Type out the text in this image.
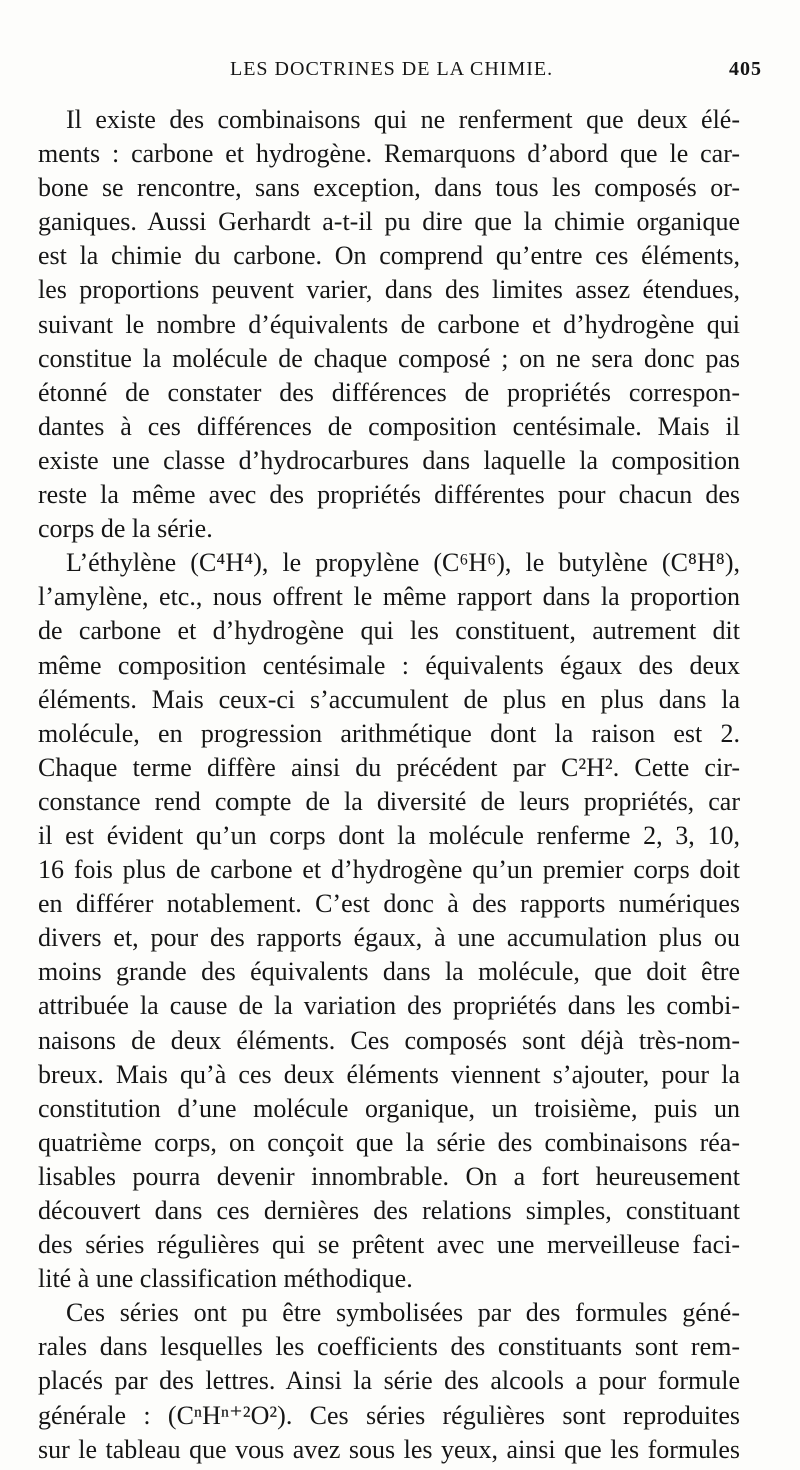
LES DOCTRINES DE LA CHIMIE.	405
Il existe des combinaisons qui ne renferment que deux élé-
ments : carbone et hydrogène. Remarquons d’abord que le car-
bone se rencontre, sans exception, dans tous les composés or-
ganiques. Aussi Gerhardt a-t-il pu dire que la chimie organique
est la chimie du carbone. On comprend qu’entre ces éléments,
les proportions peuvent varier, dans des limites assez étendues,
suivant le nombre d’équivalents de carbone et d’hydrogène qui
constitue la molécule de chaque composé ; on ne sera donc pas
étonné de constater des différences de propriétés correspon-
dantes à ces différences de composition centésimale. Mais il
existe une classe d’hydrocarbures dans laquelle la composition
reste la même avec des propriétés différentes pour chacun des
corps de la série.
L’éthylène (C⁴H⁴), le propylène (C⁶H⁶), le butylène (C⁸H⁸),
l’amylène, etc., nous offrent le même rapport dans la proportion
de carbone et d’hydrogène qui les constituent, autrement dit
même composition centésimale : équivalents égaux des deux
éléments. Mais ceux-ci s’accumulent de plus en plus dans la
molécule, en progression arithmétique dont la raison est 2.
Chaque terme diffère ainsi du précédent par C²H². Cette cir-
constance rend compte de la diversité de leurs propriétés, car
il est évident qu’un corps dont la molécule renferme 2, 3, 10,
16 fois plus de carbone et d’hydrogène qu’un premier corps doit
en différer notablement. C’est donc à des rapports numériques
divers et, pour des rapports égaux, à une accumulation plus ou
moins grande des équivalents dans la molécule, que doit être
attribuée la cause de la variation des propriétés dans les combi-
naisons de deux éléments. Ces composés sont déjà très-nom-
breux. Mais qu’à ces deux éléments viennent s’ajouter, pour la
constitution d’une molécule organique, un troisième, puis un
quatrième corps, on conçoit que la série des combinaisons réa-
lisables pourra devenir innombrable. On a fort heureusement
découvert dans ces dernières des relations simples, constituant
des séries régulières qui se prêtent avec une merveilleuse faci-
lité à une classification méthodique.
Ces séries ont pu être symbolisées par des formules géné-
rales dans lesquelles les coefficients des constituants sont rem-
placés par des lettres. Ainsi la série des alcools a pour formule
générale : (CⁿHⁿ⁺²O²). Ces séries régulières sont reproduites
sur le tableau que vous avez sous les yeux, ainsi que les formules
